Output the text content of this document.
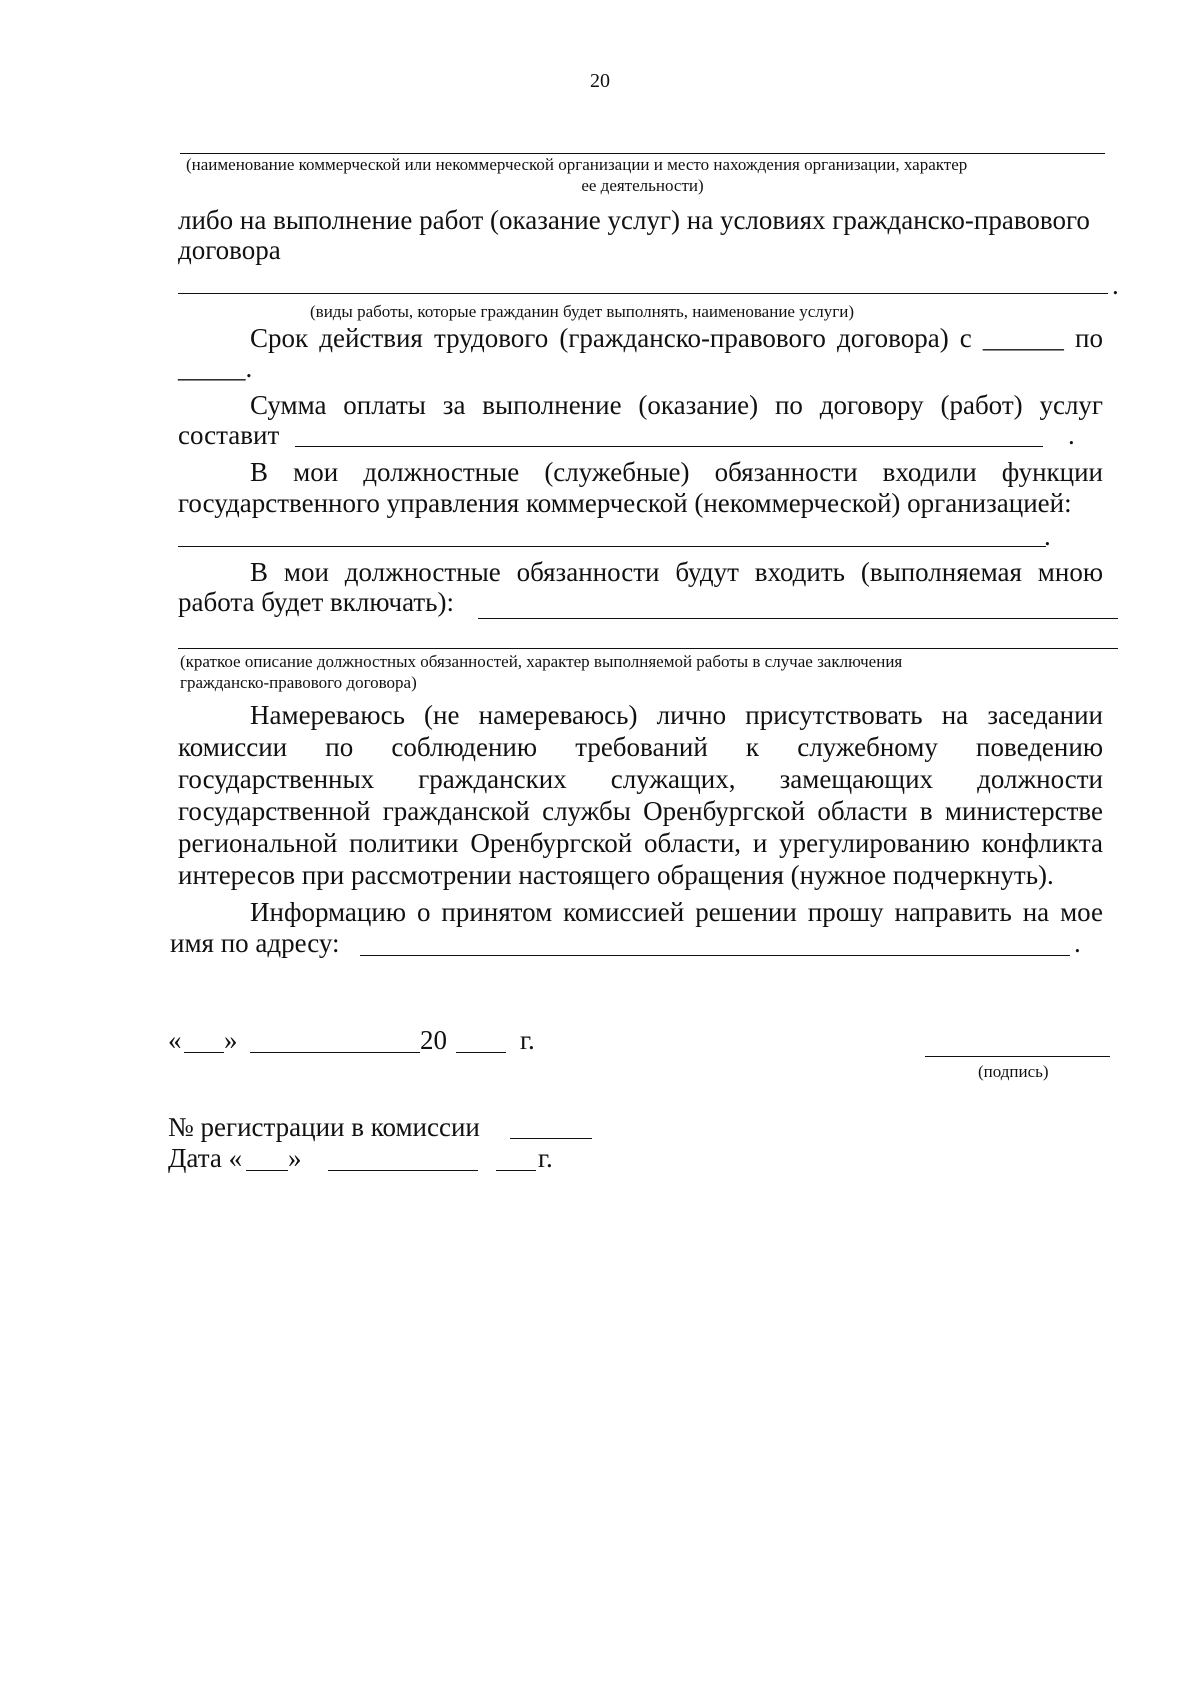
20
(наименование коммерческой или некоммерческой организации и место нахождения организации, характер
ее деятельности)
либо на выполнение работ (оказание услуг) на условиях гражданско-правового
договора
.
(виды работы, которые гражданин будет выполнять, наименование услуги)
Срок действия трудового (гражданско-правового договора) с ______ по
_____.
Сумма оплаты за выполнение (оказание) по договору (работ) услуг
составит	.
В мои должностные (служебные) обязанности входили функции
государственного управления коммерческой (некоммерческой) организацией:
.
В мои должностные обязанности будут входить (выполняемая мною
работа будет включать):
(краткое описание должностных обязанностей, характер выполняемой работы в случае заключения
гражданско-правового договора)
Намереваюсь (не намереваюсь) лично присутствовать на заседании
комиссии по соблюдению требований к служебному поведению
государственных гражданских служащих, замещающих должности
государственной гражданской службы Оренбургской области в министерстве
региональной политики Оренбургской области, и урегулированию конфликта
интересов при рассмотрении настоящего обращения (нужное подчеркнуть).
Информацию о принятом комиссией решении прошу направить на мое
имя по адресу:	.
« »	20	г.
(подпись)
№ регистрации в комиссии
Дата « »	г.
